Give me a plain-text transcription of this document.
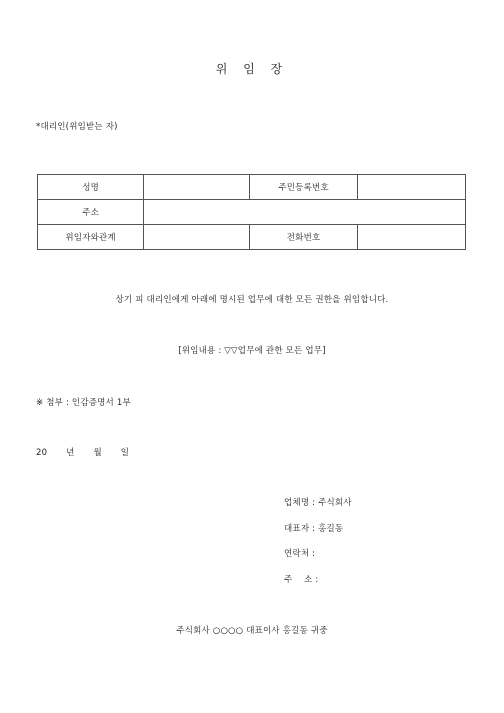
위 임 장
*대리인(위임받는 자)
성명		주민등록번호	
주소			
위임자와관계		전화번호	
상기 피 대리인에게 아래에 명시된 업무에 대한 모든 권한을 위임합니다.
[위임내용 : ▽▽업무에 관한 모든 업무]
※ 첨부 : 인감증명서 1부
20 년 월 일
업체명 : 주식회사
대표자 : 홍길동
연락처 :
주    소 :
주식회사 ○○○○ 대표이사 홍길동 귀중
